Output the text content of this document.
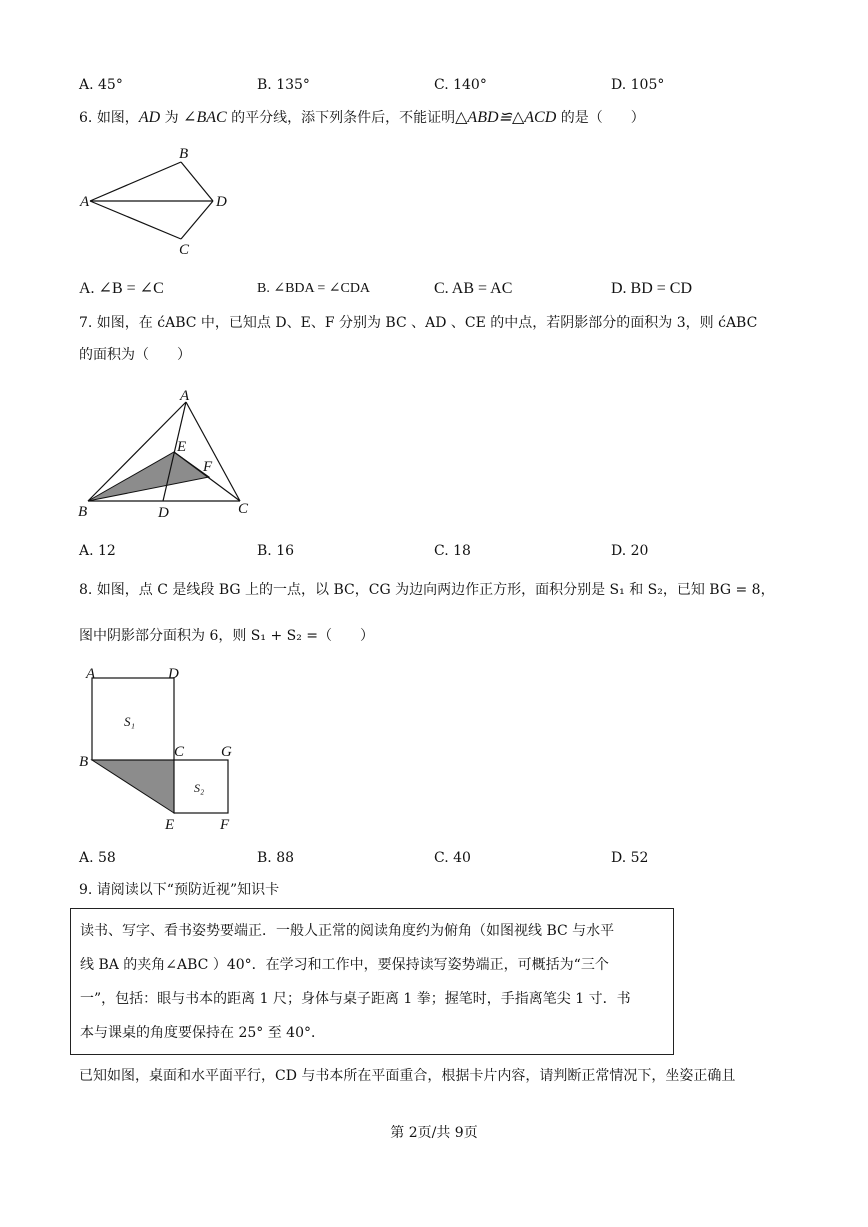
A. 45°	B. 135°	C. 140°	D. 105°
6. 如图，AD 为 ∠BAC 的平分线，添下列条件后，不能证明△ABD≌△ACD 的是（　　）
A
B
C
D
A. ∠B = ∠C	B. ∠BDA = ∠CDA	C. AB = AC	D. BD = CD
7. 如图，在 ćABC 中，已知点 D、E、F 分别为 BC 、AD 、CE 的中点，若阴影部分的面积为 3，则 ćABC
的面积为（　　）
A
B	C
D
E
F
A. 12	B. 16	C. 18	D. 20
8. 如图，点 C 是线段 BG 上的一点，以 BC，CG 为边向两边作正方形，面积分别是 S₁ 和 S₂，已知 BG = 8，
图中阴影部分面积为 6，则 S₁ + S₂ =（　　）
A	D
B
C G
E	F
S₁
S₂
A. 58	B. 88	C. 40	D. 52
9. 请阅读以下“预防近视”知识卡
读书、写字、看书姿势要端正．一般人正常的阅读角度约为俯角（如图视线 BC 与水平
线 BA 的夹角∠ABC ）40°．在学习和工作中，要保持读写姿势端正，可概括为“三个
一”，包括：眼与书本的距离 1 尺；身体与桌子距离 1 拳；握笔时，手指离笔尖 1 寸．书
本与课桌的角度要保持在 25° 至 40°．
已知如图，桌面和水平面平行，CD 与书本所在平面重合，根据卡片内容，请判断正常情况下，坐姿正确且
第 2页/共 9页
